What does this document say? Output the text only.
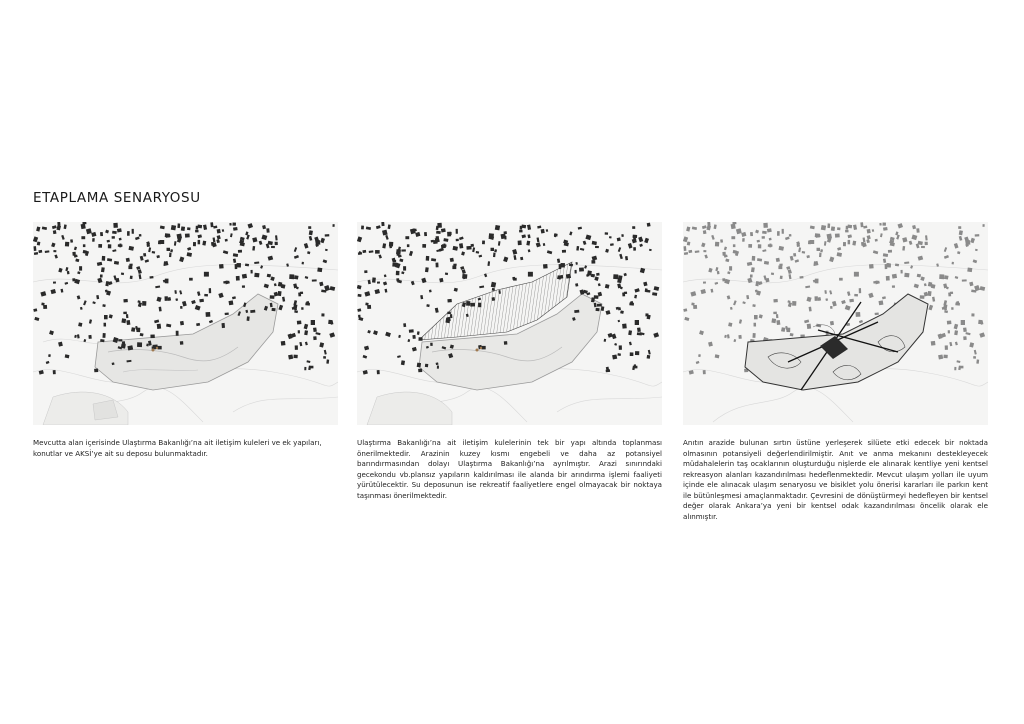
ETAPLAMA SENARYOSU
Mevcutta alan içerisinde Ulaştırma Bakanlığı’na ait iletişim kuleleri ve ek yapıları, konutlar ve AKSİ’ye ait su deposu bulunmaktadır.
Ulaştırma Bakanlığı’na ait iletişim kulelerinin tek bir yapı altında toplanması önerilmektedir. Arazinin kuzey kısmı engebeli ve daha az potansiyel barındırmasından dolayı Ulaştırma Bakanlığı’na ayrılmıştır. Arazi sınırındaki gecekondu vb.plansız yapıların kaldırılması ile alanda bir arındırma işlemi faaliyeti yürütülecektir. Su deposunun ise rekreatif faaliyetlere engel olmayacak bir noktaya taşınması önerilmektedir.
Anıtın arazide bulunan sırtın üstüne yerleşerek silüete etki edecek bir noktada olmasının potansiyeli değerlendirilmiştir. Anıt ve anma mekanını destekleyecek müdahalelerin taş ocaklarının oluşturduğu nişlerde ele alınarak kentliye yeni kentsel rekreasyon alanları kazandırılması hedeflenmektedir. Mevcut ulaşım yolları ile uyum içinde ele alınacak ulaşım senaryosu ve bisiklet yolu önerisi kararları ile parkın kent ile bütünleşmesi amaçlanmaktadır. Çevresini de dönüştürmeyi hedefleyen bir kentsel değer olarak Ankara’ya yeni bir kentsel odak kazandırılması öncelik olarak ele alınmıştır.
